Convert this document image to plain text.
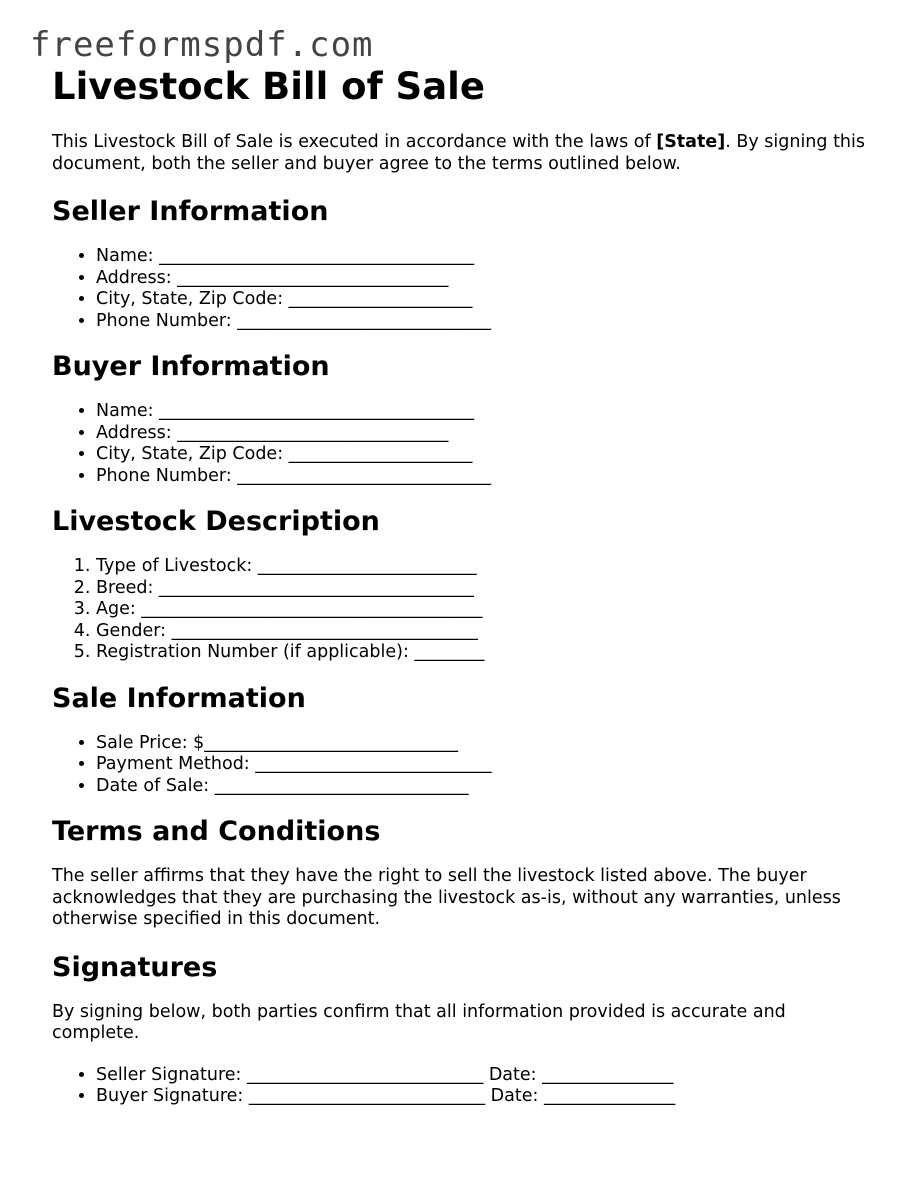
freeformspdf.com
Livestock Bill of Sale

This Livestock Bill of Sale is executed in accordance with the laws of [State]. By signing this document, both the seller and buyer agree to the terms outlined below.

Seller Information
• Name: ____________________________________
• Address: _______________________________
• City, State, Zip Code: _____________________
• Phone Number: _____________________________
Buyer Information
• Name: ____________________________________
• Address: _______________________________
• City, State, Zip Code: _____________________
• Phone Number: _____________________________
Livestock Description
1. Type of Livestock: _________________________
2. Breed: ____________________________________
3. Age: _______________________________________
4. Gender: ___________________________________
5. Registration Number (if applicable): ________
Sale Information
• Sale Price: $_____________________________
• Payment Method: ___________________________
• Date of Sale: _____________________________
Terms and Conditions

The seller affirms that they have the right to sell the livestock listed above. The buyer acknowledges that they are purchasing the livestock as-is, without any warranties, unless otherwise specified in this document.

Signatures

By signing below, both parties confirm that all information provided is accurate and complete.

• Seller Signature: ___________________________ Date: _______________
• Buyer Signature: ___________________________ Date: _______________
